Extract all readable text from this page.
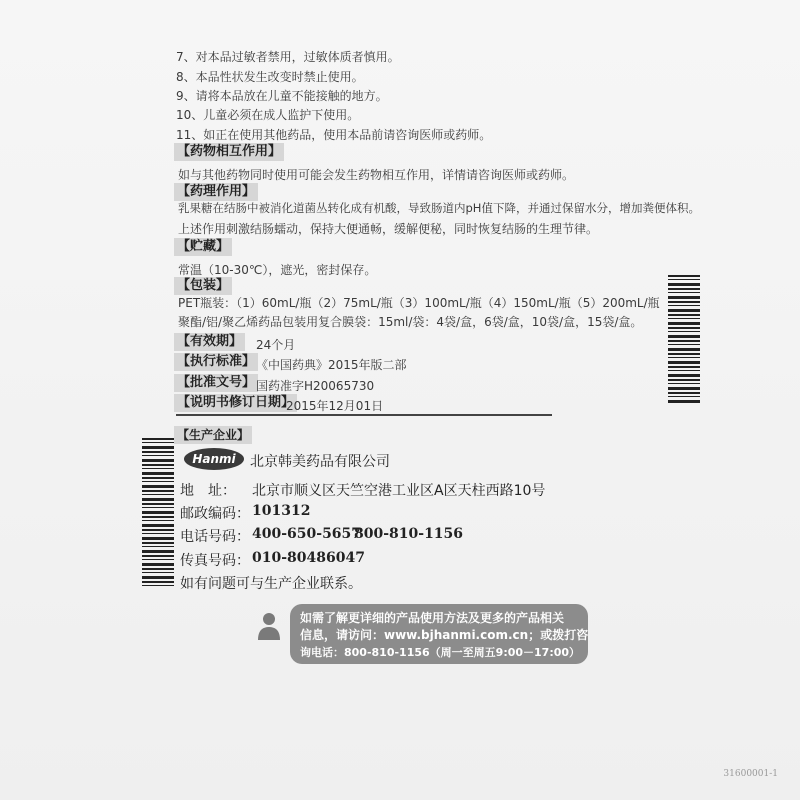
7、对本品过敏者禁用，过敏体质者慎用。
8、本品性状发生改变时禁止使用。
9、请将本品放在儿童不能接触的地方。
10、儿童必须在成人监护下使用。
11、如正在使用其他药品，使用本品前请咨询医师或药师。
【药物相互作用】
如与其他药物同时使用可能会发生药物相互作用，详情请咨询医师或药师。
【药理作用】
乳果糖在结肠中被消化道菌丛转化成有机酸，导致肠道内pH值下降，并通过保留水分，增加粪便体积。
上述作用刺激结肠蠕动，保持大便通畅，缓解便秘，同时恢复结肠的生理节律。
【贮藏】
常温（10-30℃），遮光，密封保存。
【包装】
PET瓶装：（1）60mL/瓶（2）75mL/瓶（3）100mL/瓶（4）150mL/瓶（5）200mL/瓶
聚酯/铝/聚乙烯药品包装用复合膜袋：15ml/袋：4袋/盒，6袋/盒，10袋/盒，15袋/盒。
【有效期】 24个月
【执行标准】 《中国药典》2015年版二部
【批准文号】 国药准字H20065730
【说明书修订日期】
2015年12月01日
【生产企业】
Hanmi	北京韩美药品有限公司
地　址： 北京市顺义区天竺空港工业区A区天柱西路10号
邮政编码： 101312
电话号码： 400-650-5657
800-810-1156
传真号码： 010-80486047
如有问题可与生产企业联系。
如需了解更详细的产品使用方法及更多的产品相关
信息，请访问：www.bjhanmi.com.cn；或拨打咨
询电话：800-810-1156（周一至周五9:00－17:00）
31600001-1
